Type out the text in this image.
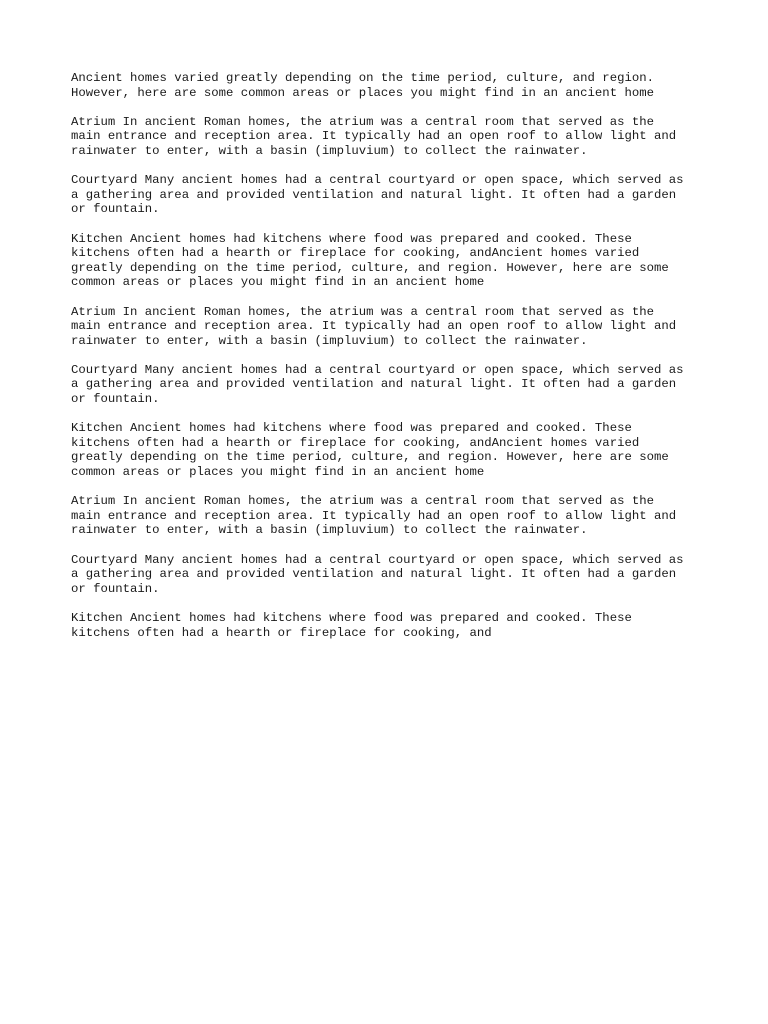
Ancient homes varied greatly depending on the time period, culture, and region.
However, here are some common areas or places you might find in an ancient home
Atrium In ancient Roman homes, the atrium was a central room that served as the
main entrance and reception area. It typically had an open roof to allow light and
rainwater to enter, with a basin (impluvium) to collect the rainwater.
Courtyard Many ancient homes had a central courtyard or open space, which served as
a gathering area and provided ventilation and natural light. It often had a garden
or fountain.
Kitchen Ancient homes had kitchens where food was prepared and cooked. These
kitchens often had a hearth or fireplace for cooking, andAncient homes varied
greatly depending on the time period, culture, and region. However, here are some
common areas or places you might find in an ancient home
Atrium In ancient Roman homes, the atrium was a central room that served as the
main entrance and reception area. It typically had an open roof to allow light and
rainwater to enter, with a basin (impluvium) to collect the rainwater.
Courtyard Many ancient homes had a central courtyard or open space, which served as
a gathering area and provided ventilation and natural light. It often had a garden
or fountain.
Kitchen Ancient homes had kitchens where food was prepared and cooked. These
kitchens often had a hearth or fireplace for cooking, andAncient homes varied
greatly depending on the time period, culture, and region. However, here are some
common areas or places you might find in an ancient home
Atrium In ancient Roman homes, the atrium was a central room that served as the
main entrance and reception area. It typically had an open roof to allow light and
rainwater to enter, with a basin (impluvium) to collect the rainwater.
Courtyard Many ancient homes had a central courtyard or open space, which served as
a gathering area and provided ventilation and natural light. It often had a garden
or fountain.
Kitchen Ancient homes had kitchens where food was prepared and cooked. These
kitchens often had a hearth or fireplace for cooking, and
